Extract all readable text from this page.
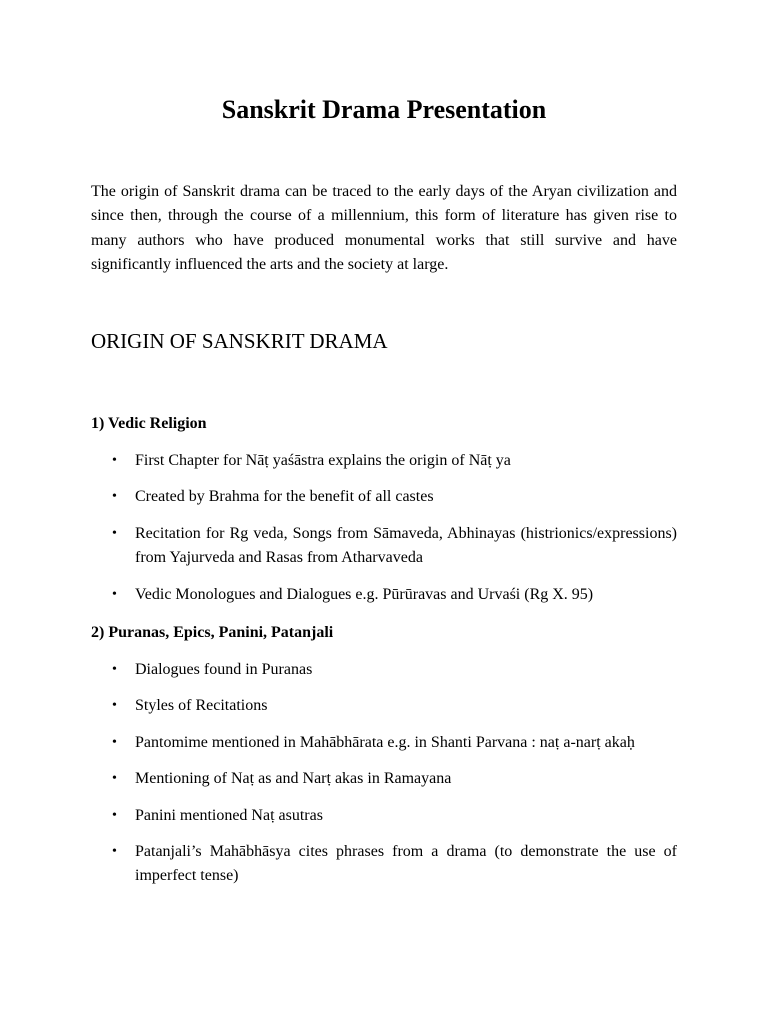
Sanskrit Drama Presentation

The origin of Sanskrit drama can be traced to the early days of the Aryan civilization and since then, through the course of a millennium, this form of literature has given rise to many authors who have produced monumental works that still survive and have significantly influenced the arts and the society at large.

ORIGIN OF SANSKRIT DRAMA
1) Vedic Religion
• First Chapter for Nāṭ yaśāstra explains the origin of Nāṭ ya
• Created by Brahma for the benefit of all castes
• Recitation for Rg veda, Songs from Sāmaveda, Abhinayas (histrionics/expressions) from Yajurveda and Rasas from Atharvaveda
• Vedic Monologues and Dialogues e.g. Pūrūravas and Urvaśi (Rg X. 95)
2) Puranas, Epics, Panini, Patanjali
• Dialogues found in Puranas
• Styles of Recitations
• Pantomime mentioned in Mahābhārata e.g. in Shanti Parvana : naṭ a-narṭ akaḥ
• Mentioning of Naṭ as and Narṭ akas in Ramayana
• Panini mentioned Naṭ asutras
• Patanjali’s Mahābhāsya cites phrases from a drama (to demonstrate the use of imperfect tense)
